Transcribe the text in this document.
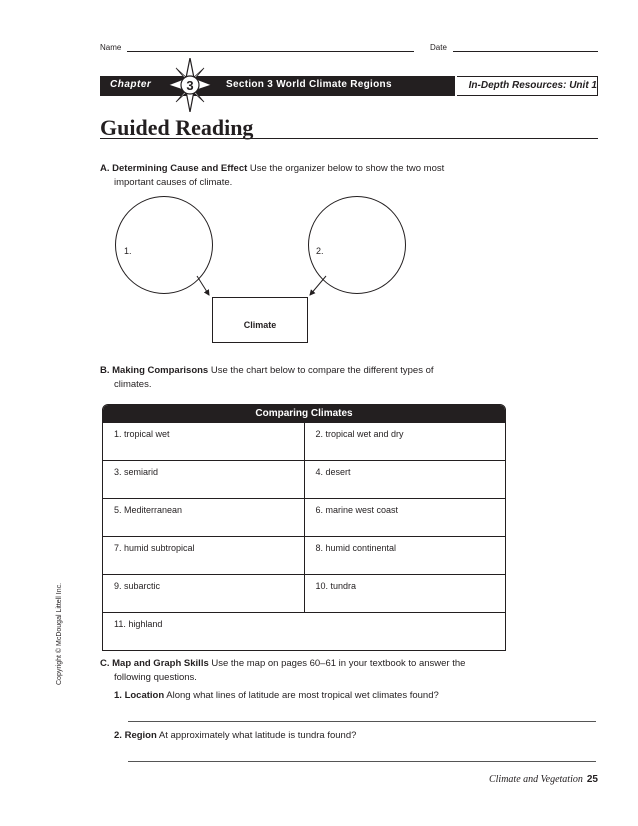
Name	Date
Chapter	Section 3 World Climate Regions	In-Depth Resources: Unit 1
3
Guided Reading
A. Determining Cause and Effect Use the organizer below to show the two most
important causes of climate.
1.	2.
Climate
B. Making Comparisons Use the chart below to compare the different types of
climates.
Comparing Climates
1. tropical wet	2. tropical wet and dry
3. semiarid	4. desert
5. Mediterranean	6. marine west coast
7. humid subtropical	8. humid continental
9. subarctic	10. tundra
11. highland
Copyright © McDougal Littell Inc.	C. Map and Graph Skills Use the map on pages 60–61 in your textbook to answer the
following questions.
1. Location Along what lines of latitude are most tropical wet climates found?
2. Region At approximately what latitude is tundra found?
Climate and Vegetation 25
